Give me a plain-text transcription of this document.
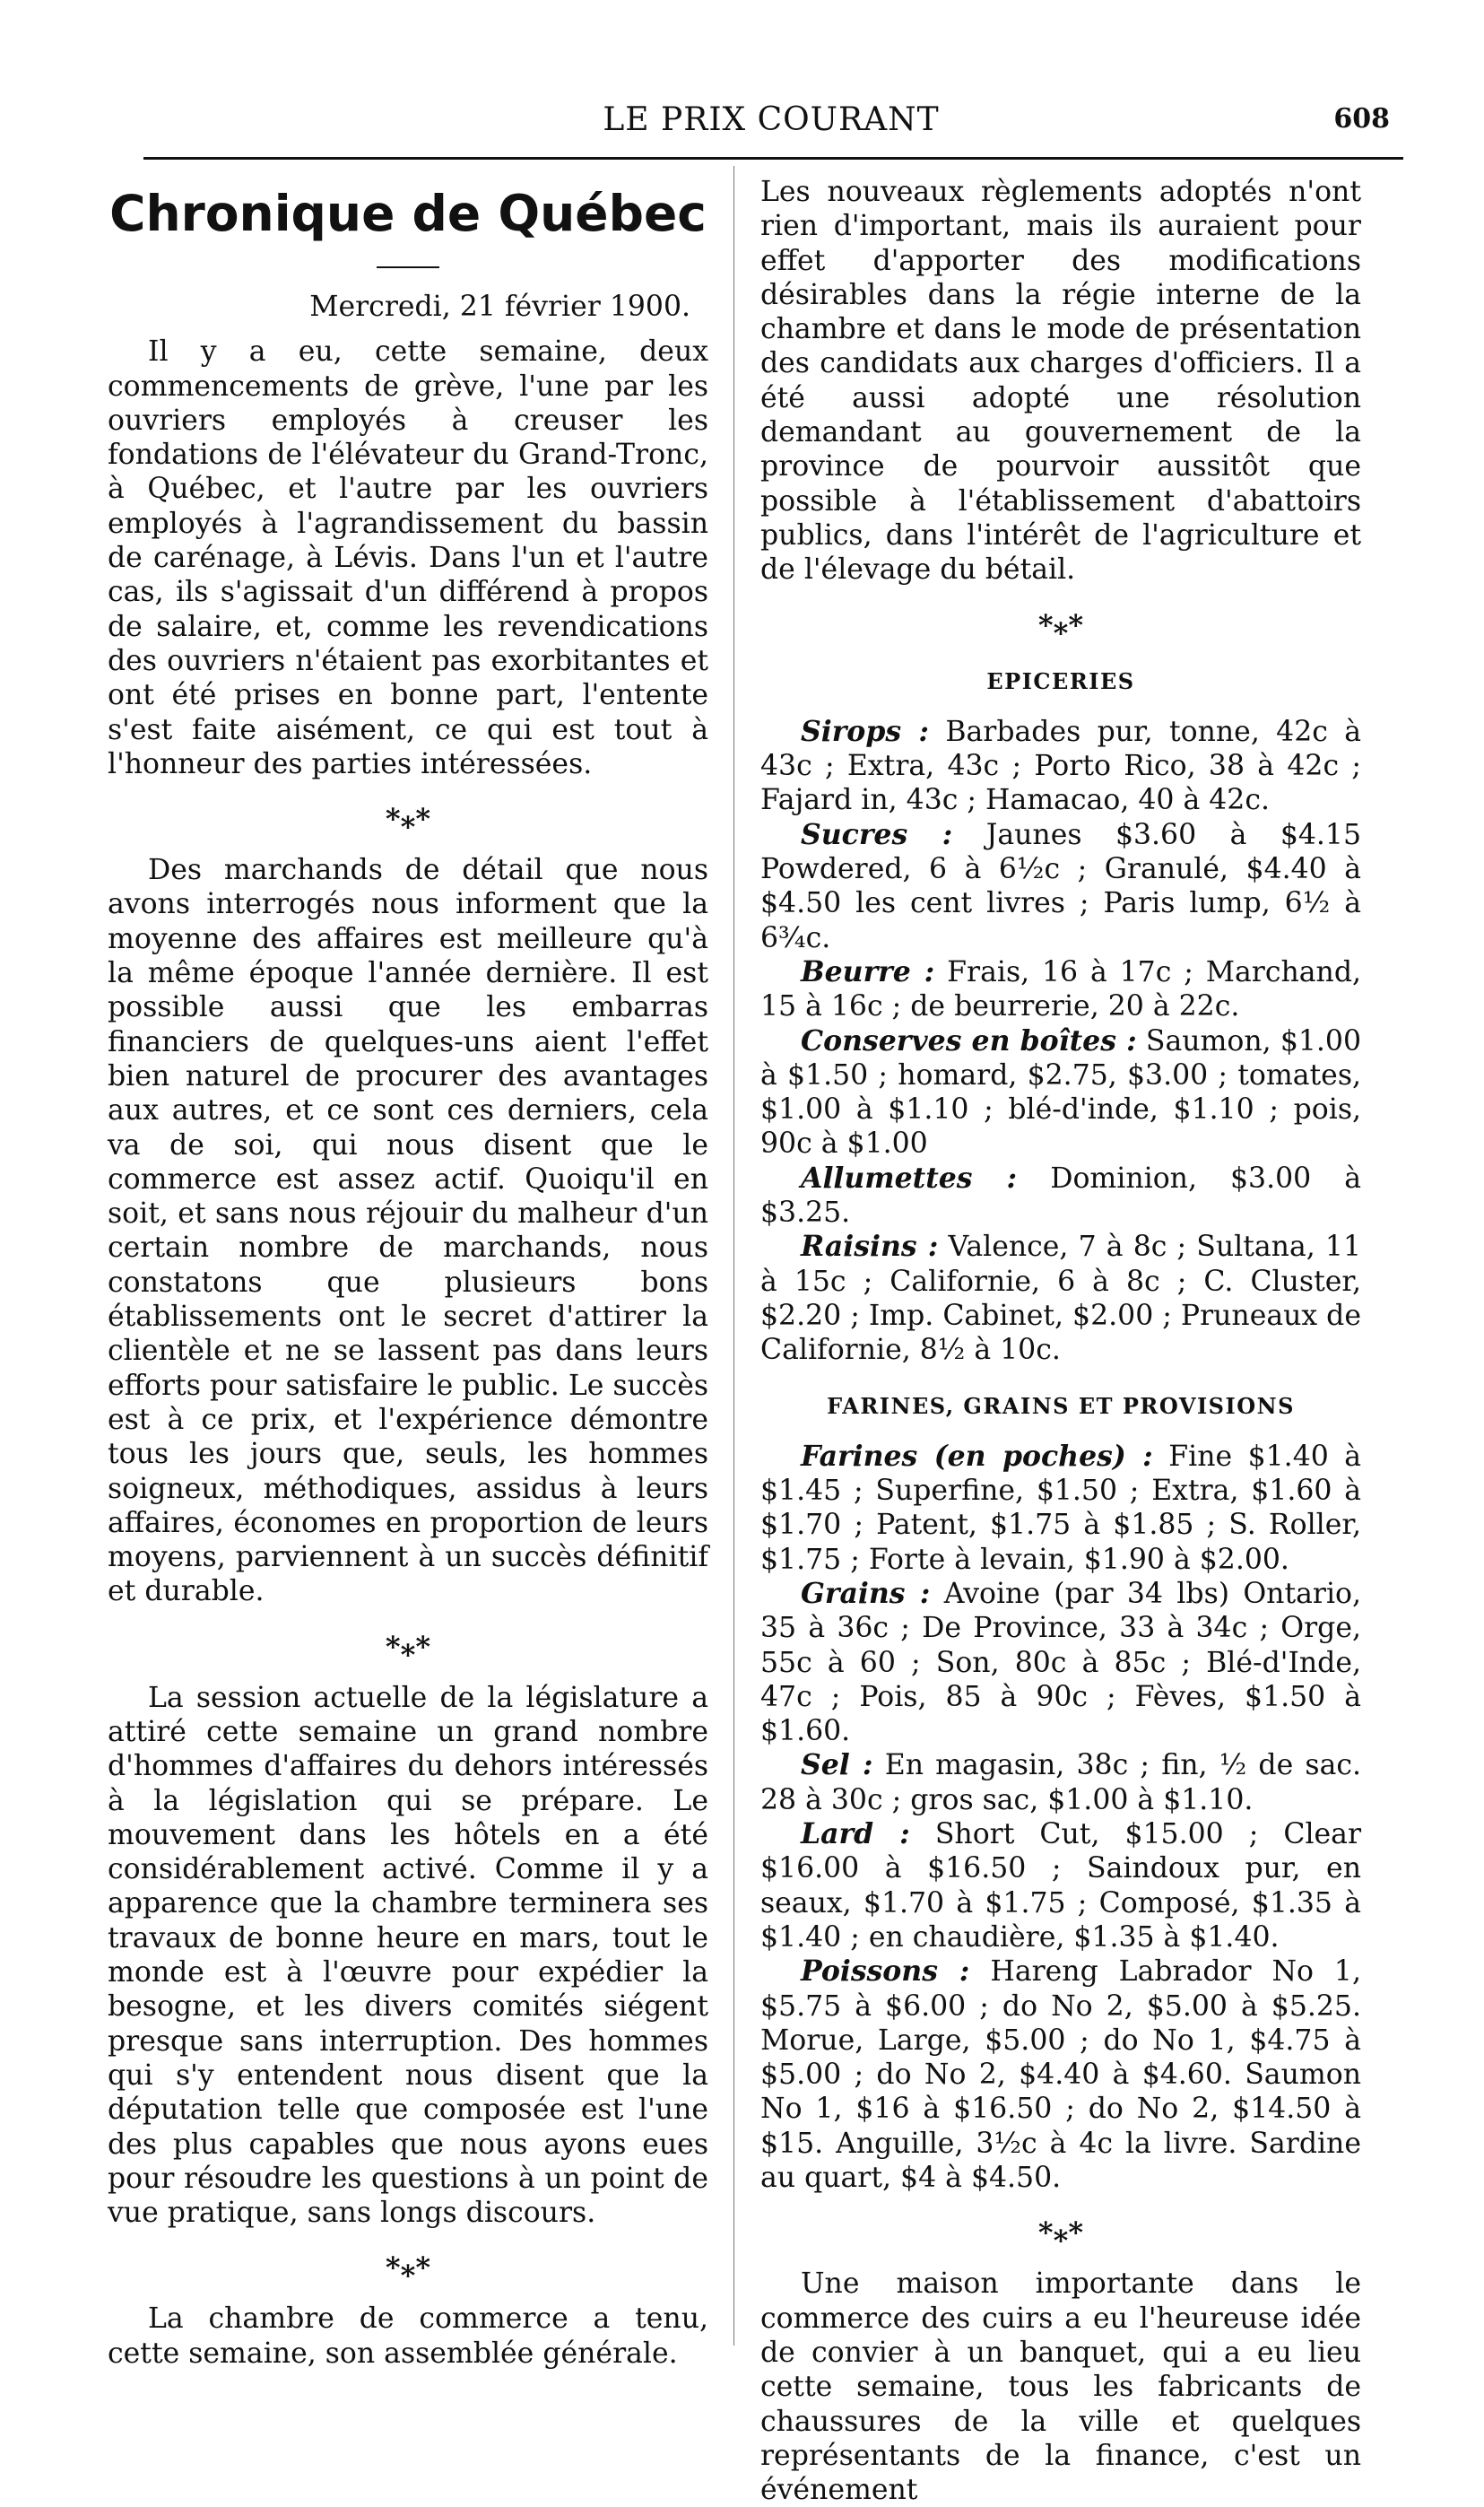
LE PRIX COURANT	608
Chronique de Québec
Mercredi, 21 février 1900.

Il y a eu, cette semaine, deux commencements de grève, l'une par les ouvriers employés à creuser les fondations de l'élévateur du Grand-Tronc, à Québec, et l'autre par les ouvriers employés à l'agrandissement du bassin de carénage, à Lévis. Dans l'un et l'autre cas, ils s'agissait d'un différend à propos de salaire, et, comme les revendications des ouvriers n'étaient pas exorbitantes et ont été prises en bonne part, l'entente s'est faite aisément, ce qui est tout à l'honneur des parties intéressées.

*⁎*

Des marchands de détail que nous avons interrogés nous informent que la moyenne des affaires est meilleure qu'à la même époque l'année dernière. Il est possible aussi que les embarras financiers de quelques-uns aient l'effet bien naturel de procurer des avantages aux autres, et ce sont ces derniers, cela va de soi, qui nous disent que le commerce est assez actif. Quoiqu'il en soit, et sans nous réjouir du malheur d'un certain nombre de marchands, nous constatons que plusieurs bons établissements ont le secret d'attirer la clientèle et ne se lassent pas dans leurs efforts pour satisfaire le public. Le succès est à ce prix, et l'expérience démontre tous les jours que, seuls, les hommes soigneux, méthodiques, assidus à leurs affaires, économes en proportion de leurs moyens, parviennent à un succès définitif et durable.

*⁎*

La session actuelle de la législature a attiré cette semaine un grand nombre d'hommes d'affaires du dehors intéressés à la législation qui se prépare. Le mouvement dans les hôtels en a été considérablement activé. Comme il y a apparence que la chambre terminera ses travaux de bonne heure en mars, tout le monde est à l'œuvre pour expédier la besogne, et les divers comités siégent presque sans interruption. Des hommes qui s'y entendent nous disent que la députation telle que composée est l'une des plus capables que nous ayons eues pour résoudre les questions à un point de vue pratique, sans longs discours.

*⁎*

La chambre de commerce a tenu, cette semaine, son assemblée générale.

Les nouveaux règlements adoptés n'ont rien d'important, mais ils auraient pour effet d'apporter des modifications désirables dans la régie interne de la chambre et dans le mode de présentation des candidats aux charges d'officiers. Il a été aussi adopté une résolution demandant au gouvernement de la province de pourvoir aussitôt que possible à l'établissement d'abattoirs publics, dans l'intérêt de l'agriculture et de l'élevage du bétail.

*⁎*
EPICERIES

Sirops : Barbades pur, tonne, 42c à 43c ; Extra, 43c ; Porto Rico, 38 à 42c ; Fajard in, 43c ; Hamacao, 40 à 42c.

Sucres : Jaunes $3.60 à $4.15 Powdered, 6 à 6½c ; Granulé, $4.40 à $4.50 les cent livres ; Paris lump, 6½ à 6¾c.

Beurre : Frais, 16 à 17c ; Marchand, 15 à 16c ; de beurrerie, 20 à 22c.

Conserves en boîtes : Saumon, $1.00 à $1.50 ; homard, $2.75, $3.00 ; tomates, $1.00 à $1.10 ; blé-d'inde, $1.10 ; pois, 90c à $1.00

Allumettes : Dominion, $3.00 à $3.25.

Raisins : Valence, 7 à 8c ; Sultana, 11 à 15c ; Californie, 6 à 8c ; C. Cluster, $2.20 ; Imp. Cabinet, $2.00 ; Pruneaux de Californie, 8½ à 10c.

FARINES, GRAINS ET PROVISIONS

Farines (en poches) : Fine $1.40 à $1.45 ; Superfine, $1.50 ; Extra, $1.60 à $1.70 ; Patent, $1.75 à $1.85 ; S. Roller, $1.75 ; Forte à levain, $1.90 à $2.00.

Grains : Avoine (par 34 lbs) Ontario, 35 à 36c ; De Province, 33 à 34c ; Orge, 55c à 60 ; Son, 80c à 85c ; Blé-d'Inde, 47c ; Pois, 85 à 90c ; Fèves, $1.50 à $1.60.

Sel : En magasin, 38c ; fin, ½ de sac. 28 à 30c ; gros sac, $1.00 à $1.10.

Lard : Short Cut, $15.00 ; Clear $16.00 à $16.50 ; Saindoux pur, en seaux, $1.70 à $1.75 ; Composé, $1.35 à $1.40 ; en chaudière, $1.35 à $1.40.

Poissons : Hareng Labrador No 1, $5.75 à $6.00 ; do No 2, $5.00 à $5.25. Morue, Large, $5.00 ; do No 1, $4.75 à $5.00 ; do No 2, $4.40 à $4.60. Saumon No 1, $16 à $16.50 ; do No 2, $14.50 à $15. Anguille, 3½c à 4c la livre. Sardine au quart, $4 à $4.50.

*⁎*

Une maison importante dans le commerce des cuirs a eu l'heureuse idée de convier à un banquet, qui a eu lieu cette semaine, tous les fabricants de chaussures de la ville et quelques représentants de la finance, c'est un événement
